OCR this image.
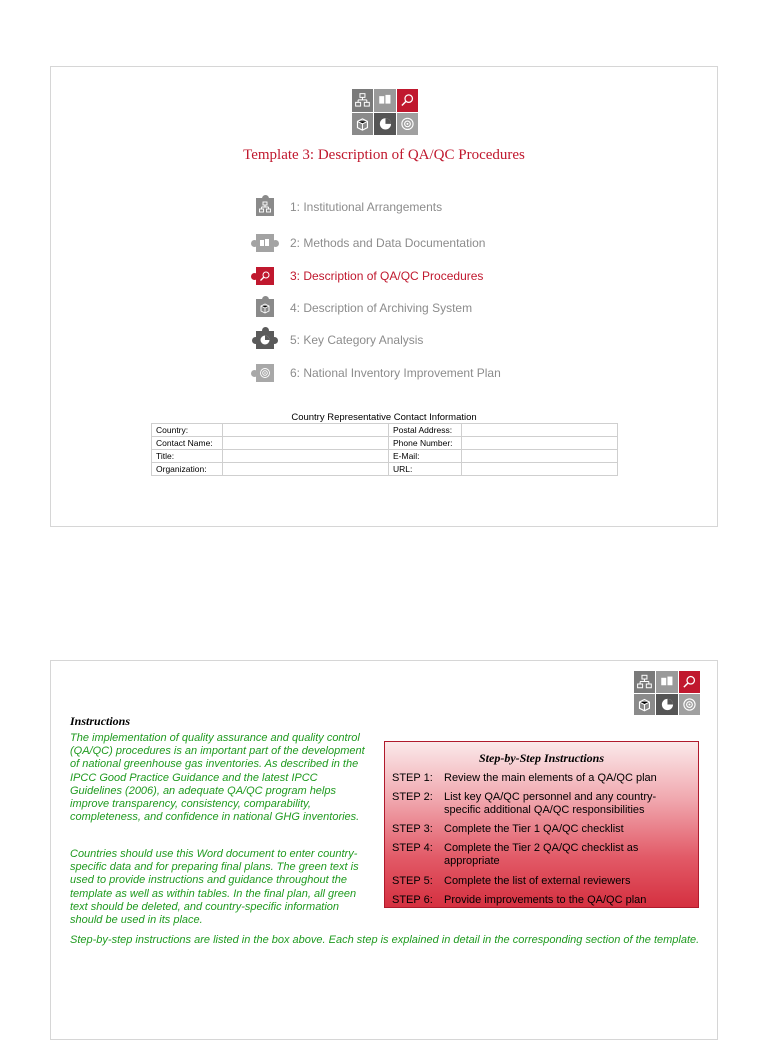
Template 3: Description of QA/QC Procedures
1: Institutional Arrangements
2: Methods and Data Documentation
3: Description of QA/QC Procedures
4: Description of Archiving System
5: Key Category Analysis
6: National Inventory Improvement Plan
Country Representative Contact Information
Country:		Postal Address:	
Contact Name:		Phone Number:	
Title:		E-Mail:	
Organization:		URL:	
Instructions
The implementation of quality assurance and quality control (QA/QC) procedures is an important part of the development of national greenhouse gas inventories. As described in the IPCC Good Practice Guidance and the latest IPCC Guidelines (2006), an adequate QA/QC program helps improve transparency, consistency, comparability, completeness, and confidence in national GHG inventories.
Countries should use this Word document to enter country-specific data and for preparing final plans. The green text is used to provide instructions and guidance throughout the template as well as within tables. In the final plan, all green text should be deleted, and country-specific information should be used in its place.
Step-by-Step Instructions
STEP 1:	Review the main elements of a QA/QC plan
STEP 2:	List key QA/QC personnel and any country-specific additional QA/QC responsibilities
STEP 3:	Complete the Tier 1 QA/QC checklist
STEP 4:	Complete the Tier 2 QA/QC checklist as appropriate
STEP 5:	Complete the list of external reviewers
STEP 6:	Provide improvements to the QA/QC plan
Step-by-step instructions are listed in the box above. Each step is explained in detail in the corresponding section of the template.
